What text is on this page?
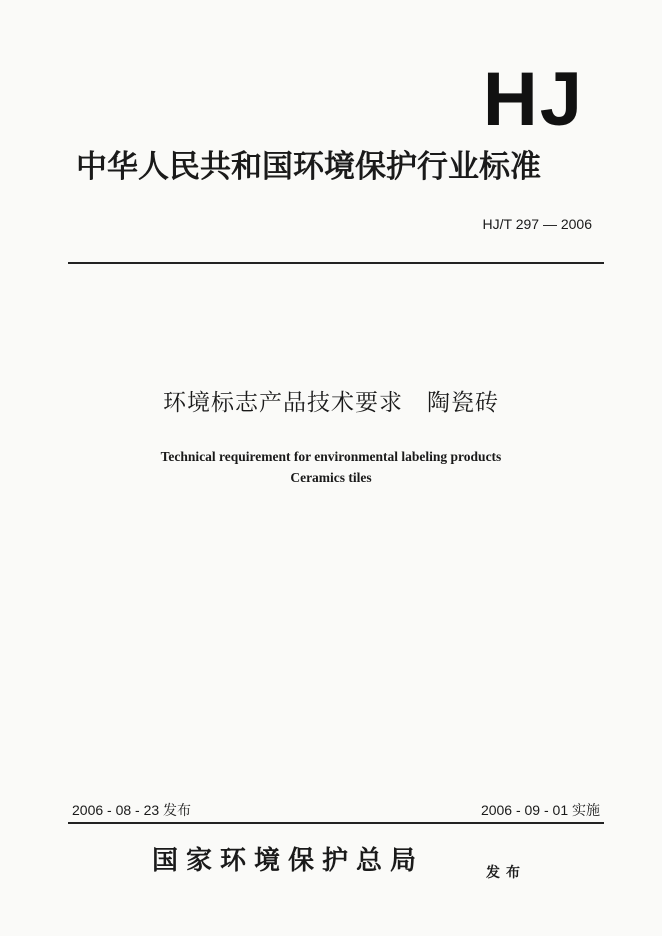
HJ
中华人民共和国环境保护行业标准
HJ/T 297 — 2006
环境标志产品技术要求　陶瓷砖
Technical requirement for environmental labeling products
Ceramics tiles
2006 - 08 - 23 发布	2006 - 09 - 01 实施
国家环境保护总局	发布
